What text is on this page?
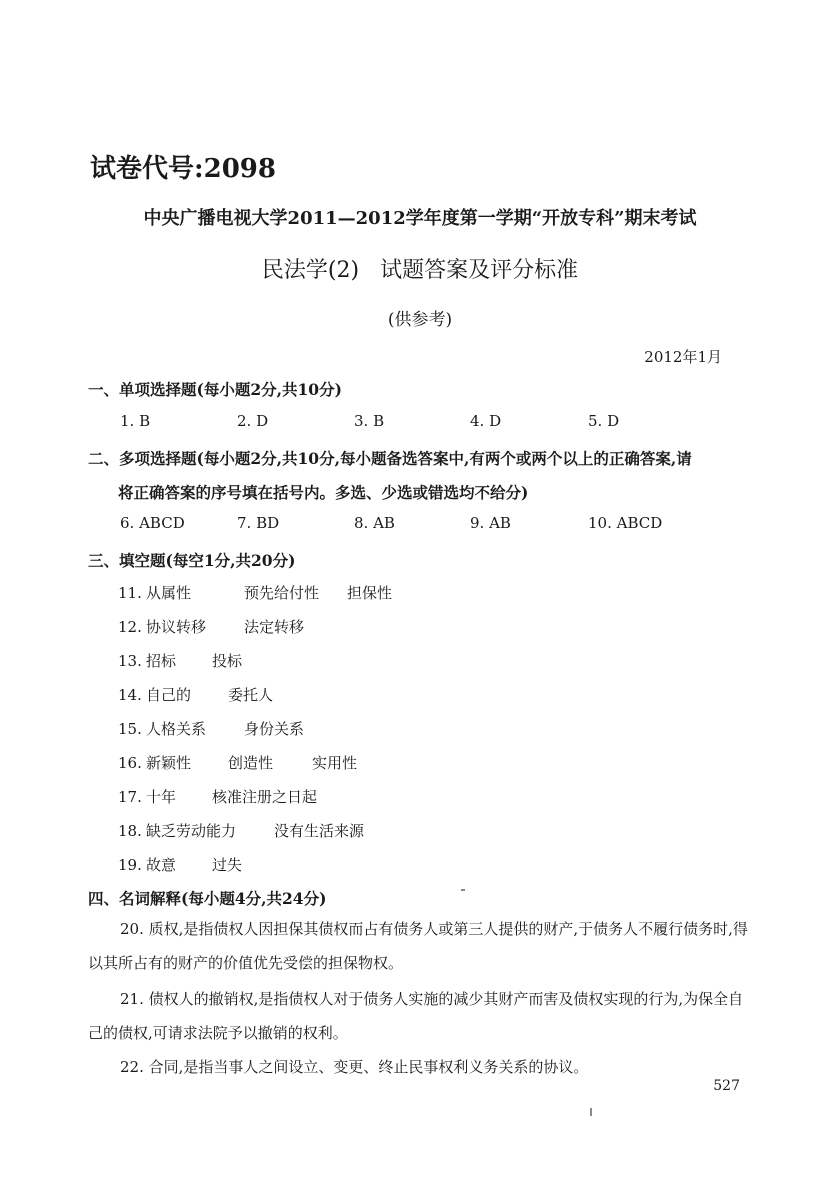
试卷代号:2098
中央广播电视大学2011—2012学年度第一学期“开放专科”期末考试
民法学(2)   试题答案及评分标准
(供参考)
2012年1月
一、单项选择题(每小题2分,共10分)
1. B	2. D	3. B	4. D	5. D
二、多项选择题(每小题2分,共10分,每小题备选答案中,有两个或两个以上的正确答案,请
将正确答案的序号填在括号内。多选、少选或错选均不给分)
6. ABCD	7. BD	8. AB	9. AB	10. ABCD
三、填空题(每空1分,共20分)
11. 从属性	预先给付性 担保性
12. 协议转移	法定转移
13. 招标 投标
14. 自己的 委托人
15. 人格关系	身份关系
16. 新颖性 创造性	实用性
17. 十年 核准注册之日起
18. 缺乏劳动能力	没有生活来源
19. 故意 过失
四、名词解释(每小题4分,共24分)
20. 质权,是指债权人因担保其债权而占有债务人或第三人提供的财产,于债务人不履行债务时,得以其所占有的财产的价值优先受偿的担保物权。
21. 债权人的撤销权,是指债权人对于债务人实施的减少其财产而害及债权实现的行为,为保全自己的债权,可请求法院予以撤销的权利。
22. 合同,是指当事人之间设立、变更、终止民事权利义务关系的协议。
527
